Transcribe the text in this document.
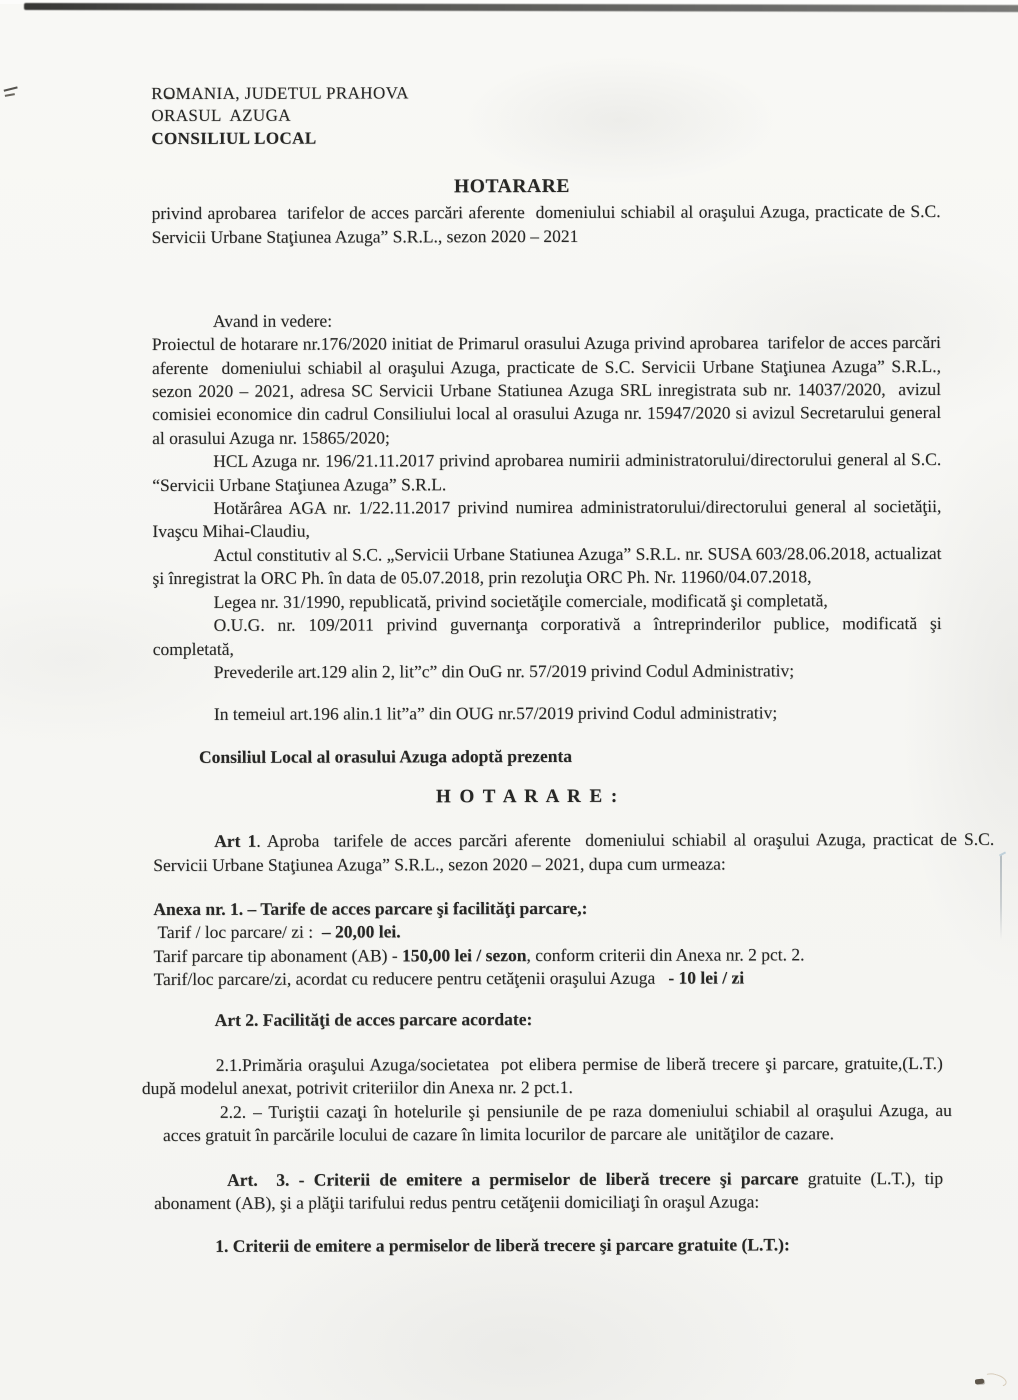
ROMANIA, JUDETUL PRAHOVA
ORASUL  AZUGA
CONSILIUL LOCAL
HOTARARE

privind aprobarea  tarifelor de acces parcări aferente  domeniului schiabil al oraşului Azuga, practicate de S.C. Servicii Urbane Staţiunea Azuga” S.R.L., sezon 2020 – 2021

Avand in vedere:

Proiectul de hotarare nr.176/2020 initiat de Primarul orasului Azuga privind aprobarea  tarifelor de acces parcări aferente  domeniului schiabil al oraşului Azuga, practicate de S.C. Servicii Urbane Staţiunea Azuga” S.R.L., sezon 2020 – 2021, adresa SC Servicii Urbane Statiunea Azuga SRL inregistrata sub nr. 14037/2020,  avizul comisiei economice din cadrul Consiliului local al orasului Azuga nr. 15947/2020 si avizul Secretarului general al orasului Azuga nr. 15865/2020;

HCL Azuga nr. 196/21.11.2017 privind aprobarea numirii administratorului/directorului general al S.C. “Servicii Urbane Staţiunea Azuga” S.R.L.

Hotărârea AGA nr. 1/22.11.2017 privind numirea administratorului/directorului general al societăţii, Ivaşcu Mihai-Claudiu,

Actul constitutiv al S.C. „Servicii Urbane Statiunea Azuga” S.R.L. nr. SUSA 603/28.06.2018, actualizat şi înregistrat la ORC Ph. în data de 05.07.2018, prin rezoluţia ORC Ph. Nr. 11960/04.07.2018,

Legea nr. 31/1990, republicată, privind societăţile comerciale, modificată şi completată,

O.U.G. nr. 109/2011 privind guvernanţa corporativă a întreprinderilor publice, modificată şi completată,

Prevederile art.129 alin 2, lit”c” din OuG nr. 57/2019 privind Codul Administrativ;

In temeiul art.196 alin.1 lit”a” din OUG nr.57/2019 privind Codul administrativ;

Consiliul Local al orasului Azuga adoptă prezenta

H O T A R A R E :

Art 1. Aproba  tarifele de acces parcări aferente  domeniului schiabil al oraşului Azuga, practicat de S.C. Servicii Urbane Staţiunea Azuga” S.R.L., sezon 2020 – 2021, dupa cum urmeaza:

Anexa nr. 1. – Tarife de acces parcare şi facilităţi parcare,:

Tarif / loc parcare/ zi :  – 20,00 lei.

Tarif parcare tip abonament (AB) - 150,00 lei / sezon, conform criterii din Anexa nr. 2 pct. 2.

Tarif/loc parcare/zi, acordat cu reducere pentru cetăţenii oraşului Azuga   - 10 lei / zi

Art 2. Facilităţi de acces parcare acordate:

2.1.Primăria oraşului Azuga/societatea  pot elibera permise de liberă trecere şi parcare, gratuite,(L.T.) după modelul anexat, potrivit criteriilor din Anexa nr. 2 pct.1.

2.2. – Turiştii cazaţi în hotelurile şi pensiunile de pe raza domeniului schiabil al oraşului Azuga, au acces gratuit în parcările locului de cazare în limita locurilor de parcare ale  unităţilor de cazare.

Art.  3. - Criterii de emitere a permiselor de liberă trecere şi parcare gratuite (L.T.), tip abonament (AB), şi a plăţii tarifului redus pentru cetăţenii domiciliaţi în oraşul Azuga:

1. Criterii de emitere a permiselor de liberă trecere şi parcare gratuite (L.T.):
